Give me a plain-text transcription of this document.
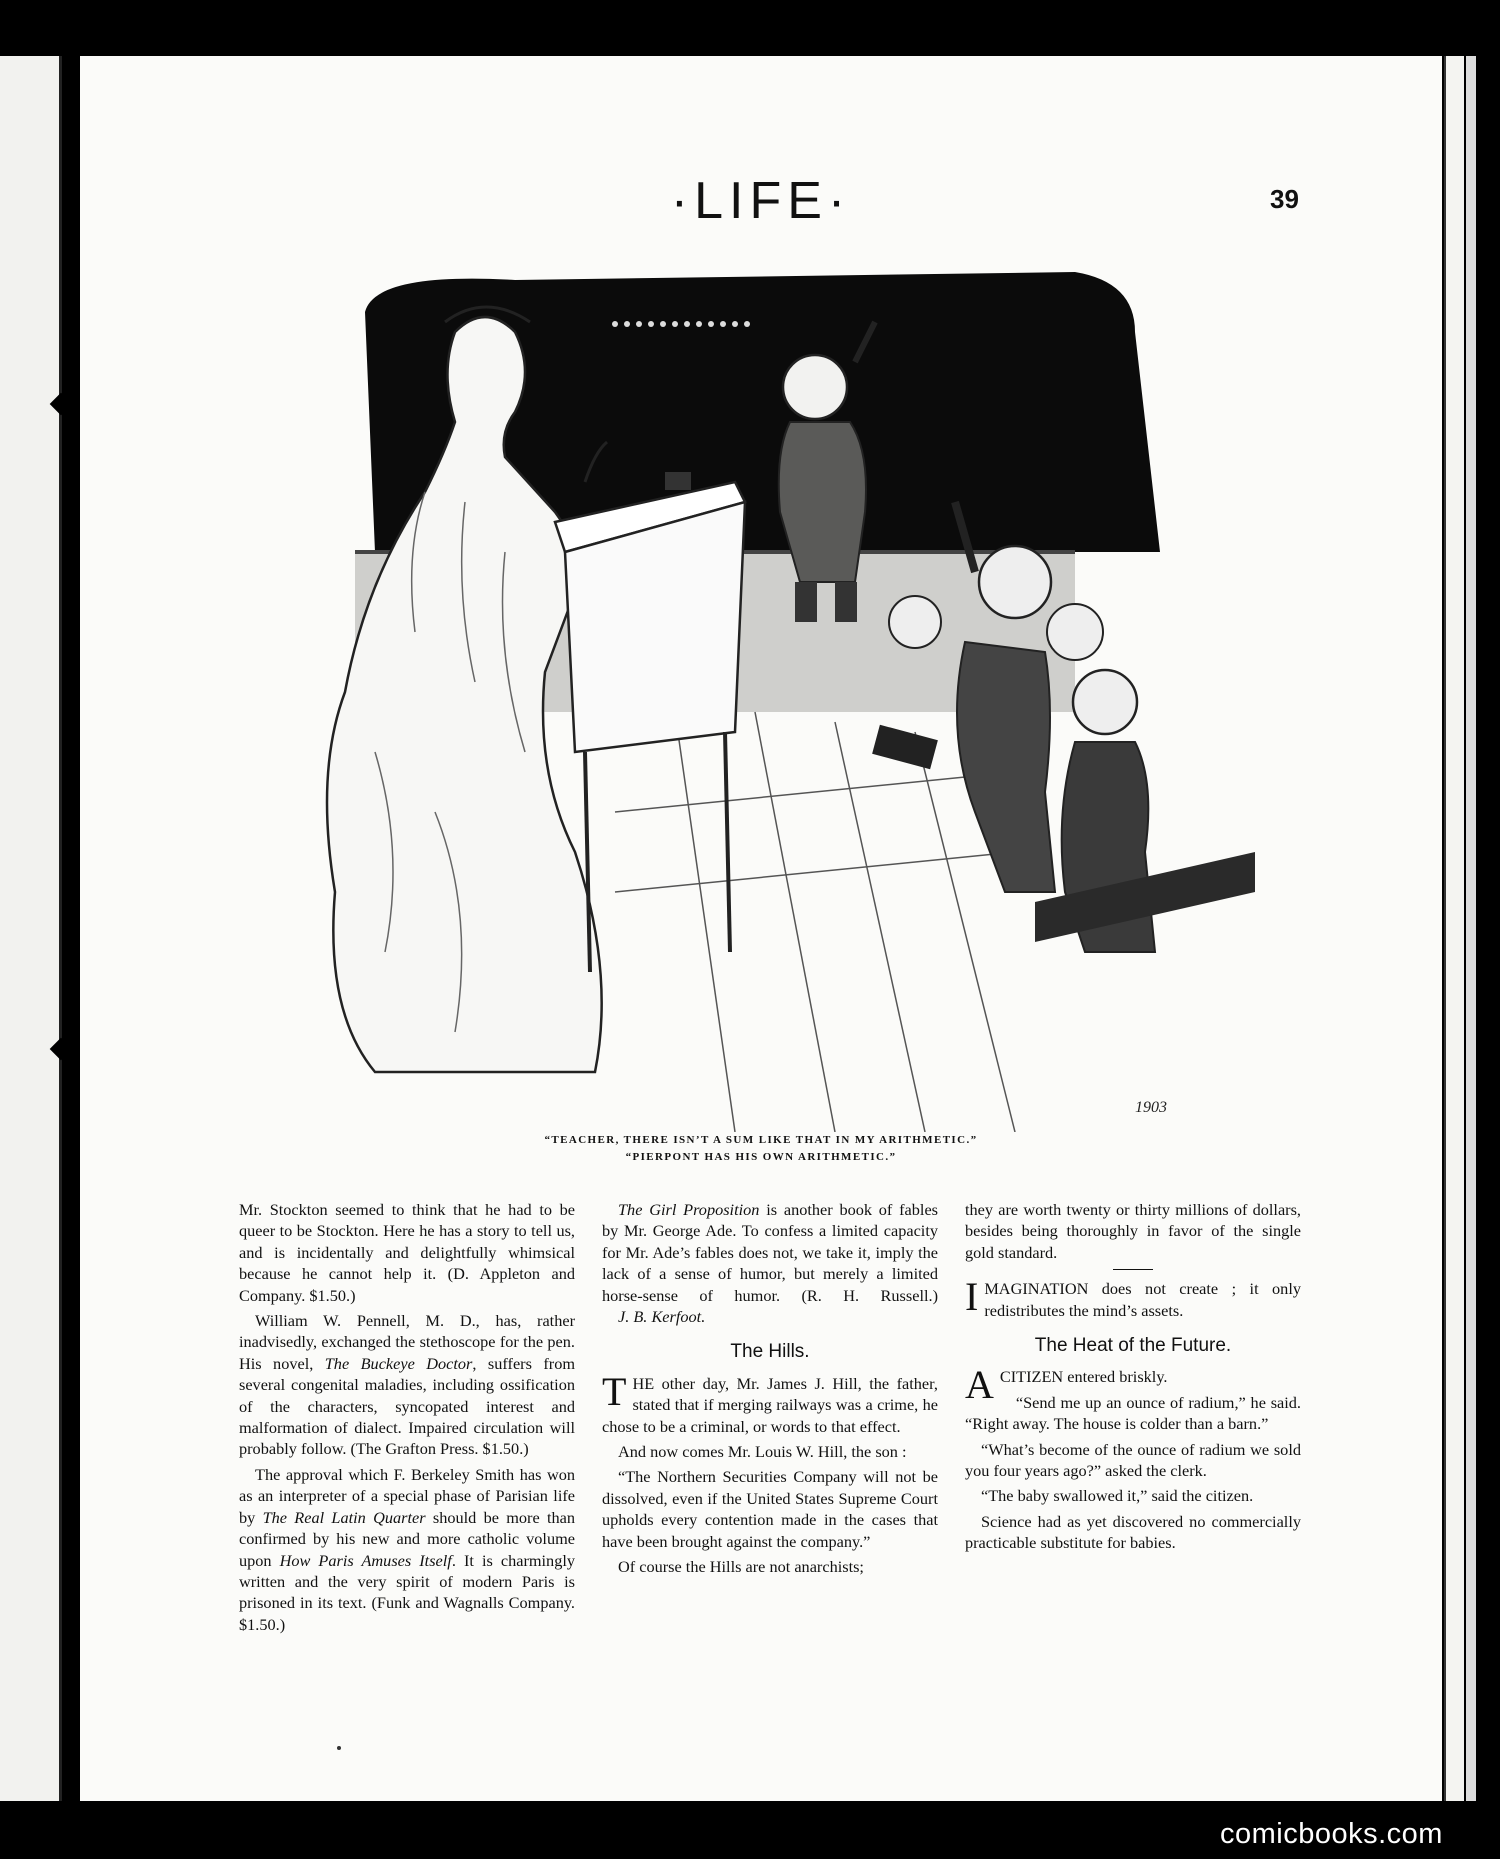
·LIFE·	39
1903
“TEACHER, THERE ISN’T A SUM LIKE THAT IN MY ARITHMETIC.”
“PIERPONT HAS HIS OWN ARITHMETIC.”

Mr. Stockton seemed to think that he had to be queer to be Stockton. Here he has a story to tell us, and is incidentally and delightfully whimsical because he cannot help it. (D. Appleton and Company. $1.50.)

William W. Pennell, M. D., has, rather inadvisedly, exchanged the stethoscope for the pen. His novel, The Buckeye Doctor, suffers from several congenital maladies, including ossification of the characters, syncopated interest and malformation of dialect. Impaired circulation will probably follow. (The Grafton Press. $1.50.)

The approval which F. Berkeley Smith has won as an interpreter of a special phase of Parisian life by The Real Latin Quarter should be more than confirmed by his new and more catholic volume upon How Paris Amuses Itself. It is charmingly written and the very spirit of modern Paris is prisoned in its text. (Funk and Wagnalls Company. $1.50.)

The Girl Proposition is another book of fables by Mr. George Ade. To confess a limited capacity for Mr. Ade’s fables does not, we take it, imply the lack of a sense of humor, but merely a limited horse-sense of humor. (R. H. Russell.) J. B. Kerfoot.

The Hills.

THE other day, Mr. James J. Hill, the father, stated that if merging railways was a crime, he chose to be a criminal, or words to that effect.

And now comes Mr. Louis W. Hill, the son :

“The Northern Securities Company will not be dissolved, even if the United States Supreme Court upholds every contention made in the cases that have been brought against the company.”

Of course the Hills are not anarchists;

they are worth twenty or thirty millions of dollars, besides being thoroughly in favor of the single gold standard.

IMAGINATION does not create ; it only redistributes the mind’s assets.

The Heat of the Future.

A CITIZEN entered briskly.

“Send me up an ounce of radium,” he said. “Right away. The house is colder than a barn.”

“What’s become of the ounce of radium we sold you four years ago?” asked the clerk.

“The baby swallowed it,” said the citizen.

Science had as yet discovered no commercially practicable substitute for babies.

comicbooks.com
